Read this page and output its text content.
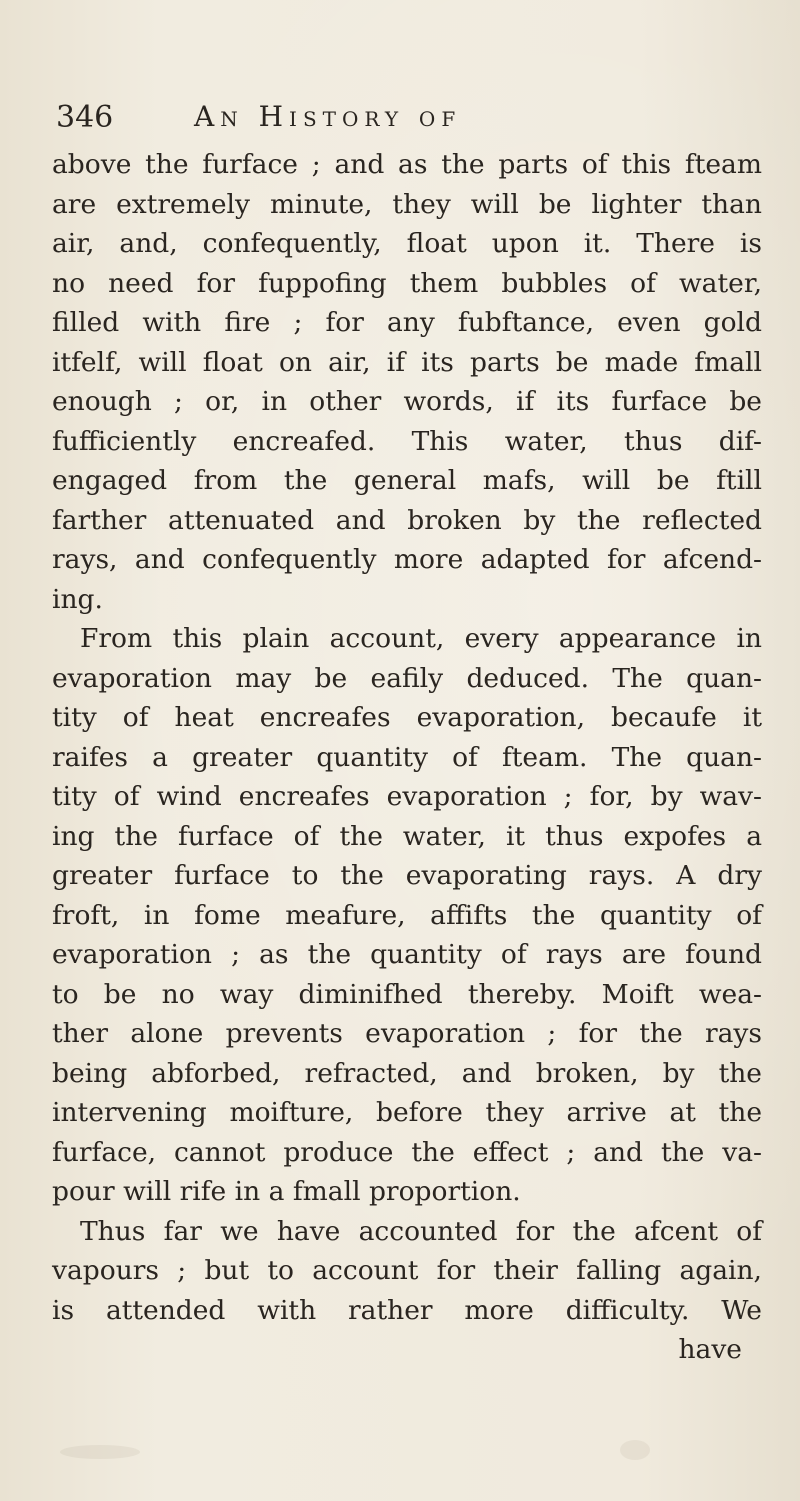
346	An History of
above the furface ; and as the parts of this fteam
are extremely minute, they will be lighter than
air, and, confequently, float upon it. There is
no need for fuppofing them bubbles of water,
filled with fire ; for any fubftance, even gold
itfelf, will float on air, if its parts be made fmall
enough ; or, in other words, if its furface be
fufficiently encreafed. This water, thus dif-
engaged from the general mafs, will be ftill
farther attenuated and broken by the reflected
rays, and confequently more adapted for afcend-
ing.
From this plain account, every appearance in
evaporation may be eafily deduced. The quan-
tity of heat encreafes evaporation, becaufe it
raifes a greater quantity of fteam. The quan-
tity of wind encreafes evaporation ; for, by wav-
ing the furface of the water, it thus expofes a
greater furface to the evaporating rays. A dry
froft, in fome meafure, affifts the quantity of
evaporation ; as the quantity of rays are found
to be no way diminifhed thereby. Moift wea-
ther alone prevents evaporation ; for the rays
being abforbed, refracted, and broken, by the
intervening moifture, before they arrive at the
furface, cannot produce the effect ; and the va-
pour will rife in a fmall proportion.
Thus far we have accounted for the afcent of
vapours ; but to account for their falling again,
is attended with rather more difficulty. We
have
